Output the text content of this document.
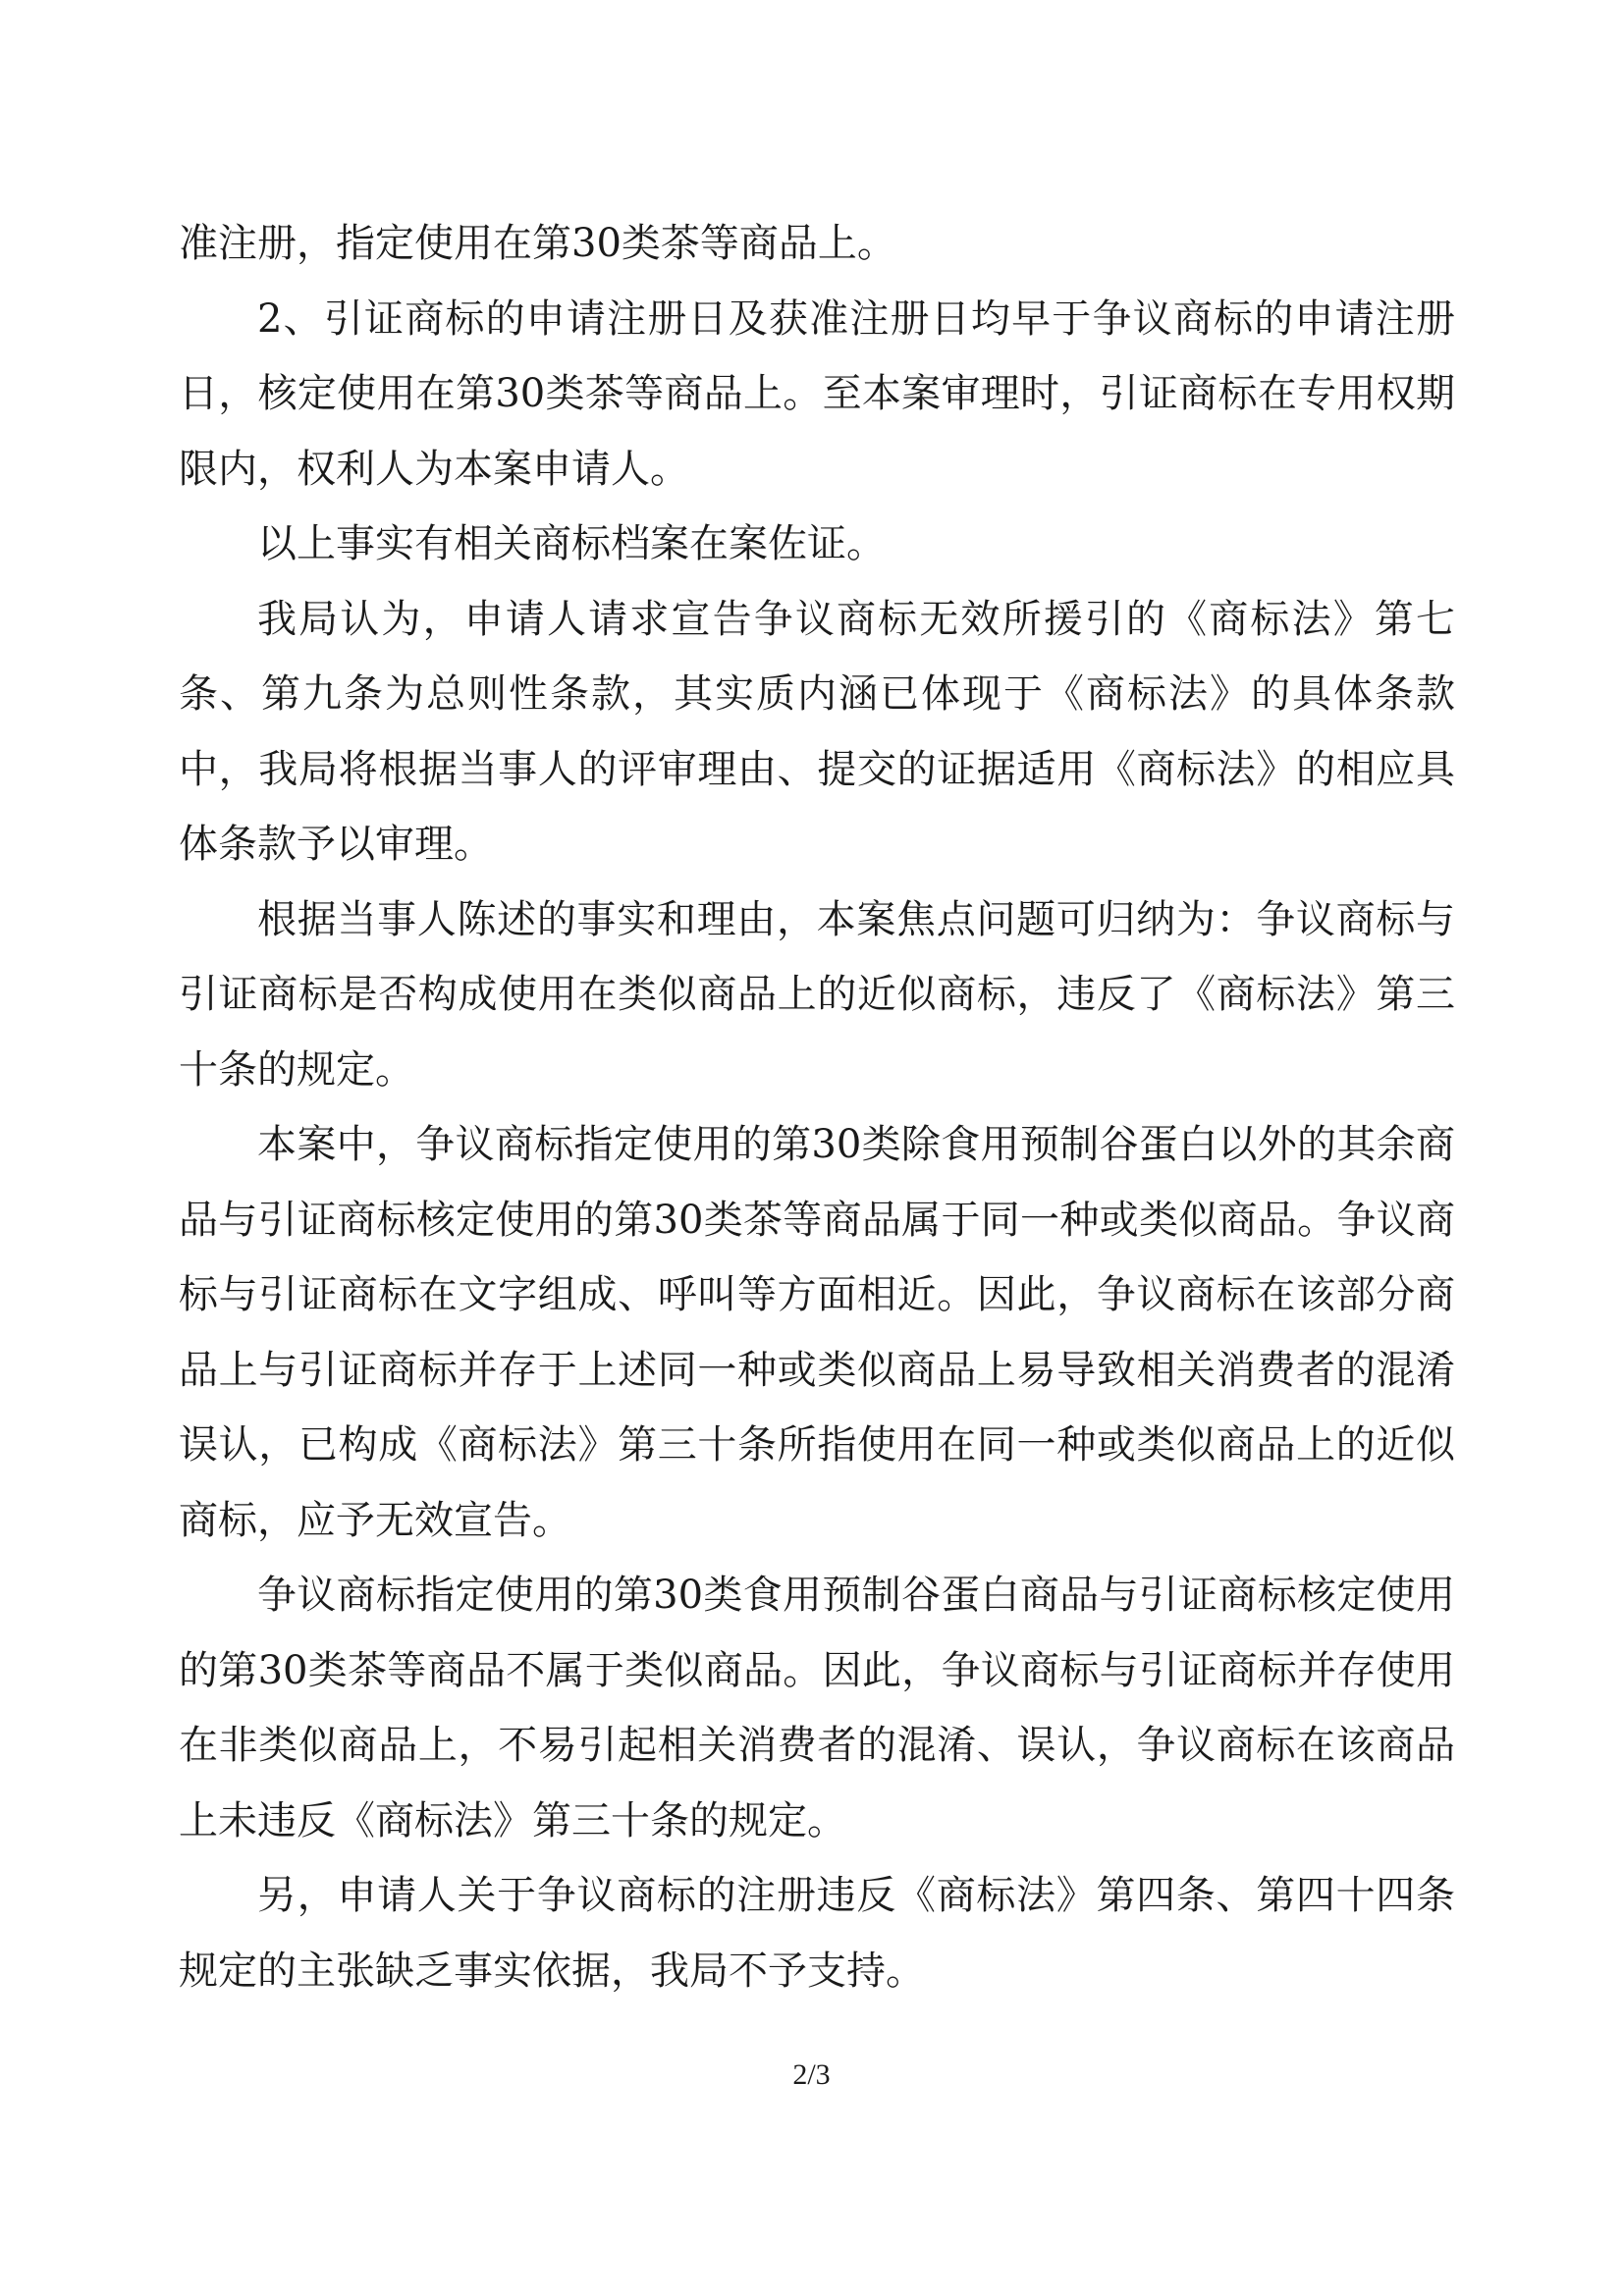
准注册，指定使用在第30类茶等商品上。

2、引证商标的申请注册日及获准注册日均早于争议商标的申请注册日，核定使用在第30类茶等商品上。至本案审理时，引证商标在专用权期限内，权利人为本案申请人。

以上事实有相关商标档案在案佐证。

我局认为，申请人请求宣告争议商标无效所援引的《商标法》第七条、第九条为总则性条款，其实质内涵已体现于《商标法》的具体条款中，我局将根据当事人的评审理由、提交的证据适用《商标法》的相应具体条款予以审理。

根据当事人陈述的事实和理由，本案焦点问题可归纳为：争议商标与引证商标是否构成使用在类似商品上的近似商标，违反了《商标法》第三十条的规定。

本案中，争议商标指定使用的第30类除食用预制谷蛋白以外的其余商品与引证商标核定使用的第30类茶等商品属于同一种或类似商品。争议商标与引证商标在文字组成、呼叫等方面相近。因此，争议商标在该部分商品上与引证商标并存于上述同一种或类似商品上易导致相关消费者的混淆误认，已构成《商标法》第三十条所指使用在同一种或类似商品上的近似商标，应予无效宣告。

争议商标指定使用的第30类食用预制谷蛋白商品与引证商标核定使用的第30类茶等商品不属于类似商品。因此，争议商标与引证商标并存使用在非类似商品上，不易引起相关消费者的混淆、误认，争议商标在该商品上未违反《商标法》第三十条的规定。

另，申请人关于争议商标的注册违反《商标法》第四条、第四十四条规定的主张缺乏事实依据，我局不予支持。

2/3
